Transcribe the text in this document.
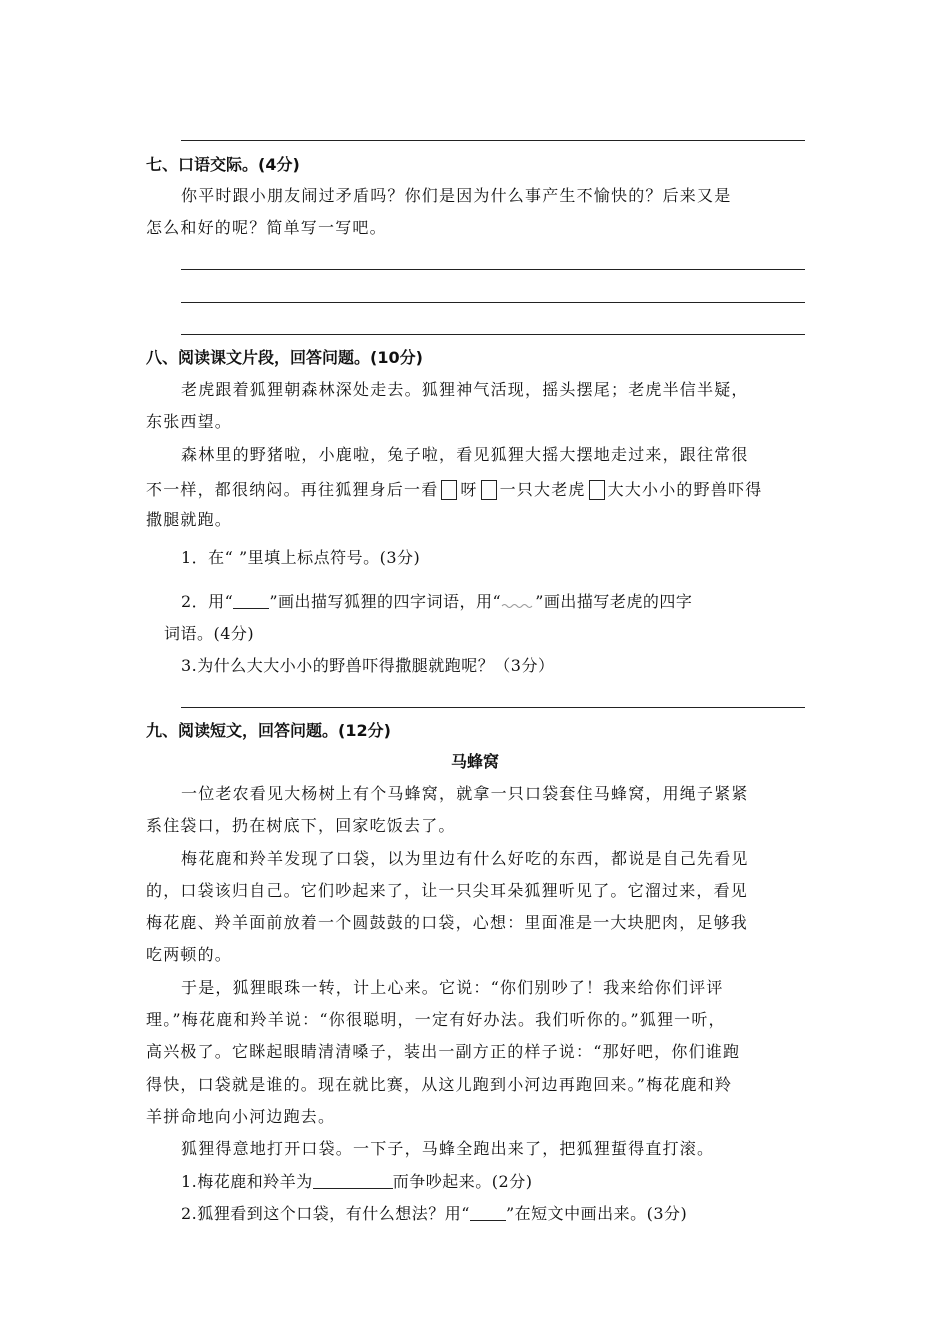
七、口语交际。(4分)
你平时跟小朋友闹过矛盾吗？你们是因为什么事产生不愉快的？后来又是
怎么和好的呢？简单写一写吧。
八、阅读课文片段，回答问题。(10分)
老虎跟着狐狸朝森林深处走去。狐狸神气活现，摇头摆尾；老虎半信半疑，
东张西望。
森林里的野猪啦，小鹿啦，兔子啦，看见狐狸大摇大摆地走过来，跟往常很
不一样，都很纳闷。再往狐狸身后一看 呀 一只大老虎 大大小小的野兽吓得
撒腿就跑。
1．在“ ”里填上标点符号。(3分)
2．用“ ”画出描写狐狸的四字词语，用“ ”画出描写老虎的四字
词语。(4分)
3.为什么大大小小的野兽吓得撒腿就跑呢？（3分）
九、阅读短文，回答问题。(12分)
马蜂窝
一位老农看见大杨树上有个马蜂窝，就拿一只口袋套住马蜂窝，用绳子紧紧
系住袋口，扔在树底下，回家吃饭去了。
梅花鹿和羚羊发现了口袋，以为里边有什么好吃的东西，都说是自己先看见
的，口袋该归自己。它们吵起来了，让一只尖耳朵狐狸听见了。它溜过来，看见
梅花鹿、羚羊面前放着一个圆鼓鼓的口袋，心想：里面准是一大块肥肉，足够我
吃两顿的。
于是，狐狸眼珠一转，计上心来。它说：“你们别吵了！我来给你们评评
理。”梅花鹿和羚羊说：“你很聪明，一定有好办法。我们听你的。”狐狸一听，
高兴极了。它眯起眼睛清清嗓子，装出一副方正的样子说：“那好吧，你们谁跑
得快，口袋就是谁的。现在就比赛，从这儿跑到小河边再跑回来。”梅花鹿和羚
羊拼命地向小河边跑去。
狐狸得意地打开口袋。一下子，马蜂全跑出来了，把狐狸蜇得直打滚。
1.梅花鹿和羚羊为	而争吵起来。(2分)
2.狐狸看到这个口袋，有什么想法？用“ ”在短文中画出来。(3分)
